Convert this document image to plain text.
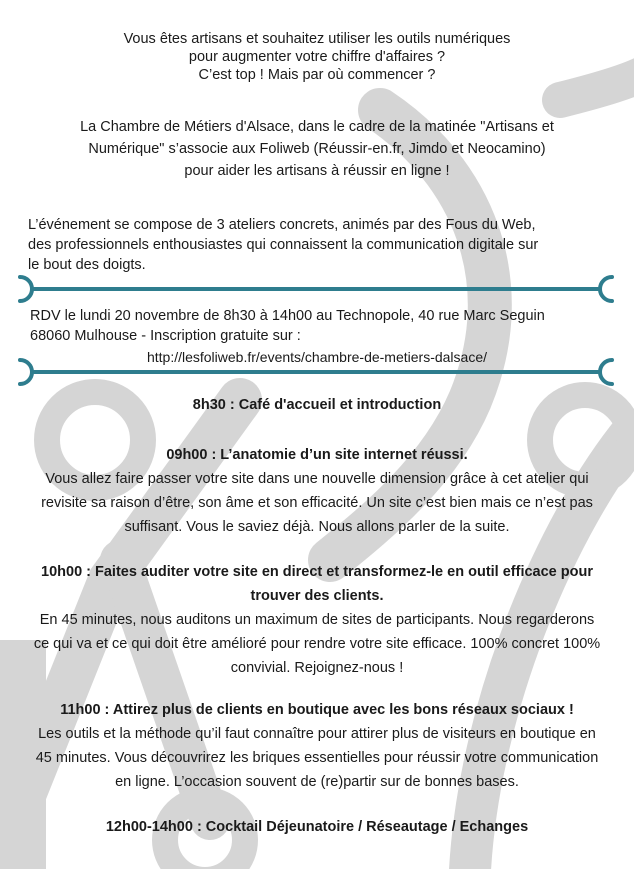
Vous êtes artisans et souhaitez utiliser les outils numériques
pour augmenter votre chiffre d'affaires ?
C’est top ! Mais par où commencer ?
La Chambre de Métiers d'Alsace, dans le cadre de la matinée "Artisans et
Numérique" s’associe aux Foliweb (Réussir-en.fr, Jimdo et Neocamino)
pour aider les artisans à réussir en ligne !
L’événement se compose de 3 ateliers concrets, animés par des Fous du Web,
des professionnels enthousiastes qui connaissent la communication digitale sur
le bout des doigts.
RDV le lundi 20 novembre de 8h30 à 14h00 au Technopole, 40 rue Marc Seguin
68060 Mulhouse - Inscription gratuite sur :
http://lesfoliweb.fr/events/chambre-de-metiers-dalsace/
8h30 : Café d'accueil et introduction
09h00 : L’anatomie d’un site internet réussi.
Vous allez faire passer votre site dans une nouvelle dimension grâce à cet atelier qui
revisite sa raison d’être, son âme et son efficacité. Un site c’est bien mais ce n’est pas
suffisant. Vous le saviez déjà. Nous allons parler de la suite.
10h00 : Faites auditer votre site en direct et transformez-le en outil efficace pour
trouver des clients.
En 45 minutes, nous auditons un maximum de sites de participants. Nous regarderons
ce qui va et ce qui doit être amélioré pour rendre votre site efficace. 100% concret 100%
convivial. Rejoignez-nous !
11h00 : Attirez plus de clients en boutique avec les bons réseaux sociaux !
Les outils et la méthode qu’il faut connaître pour attirer plus de visiteurs en boutique en
45 minutes. Vous découvrirez les briques essentielles pour réussir votre communication
en ligne. L’occasion souvent de (re)partir sur de bonnes bases.
12h00-14h00 : Cocktail Déjeunatoire / Réseautage / Echanges
